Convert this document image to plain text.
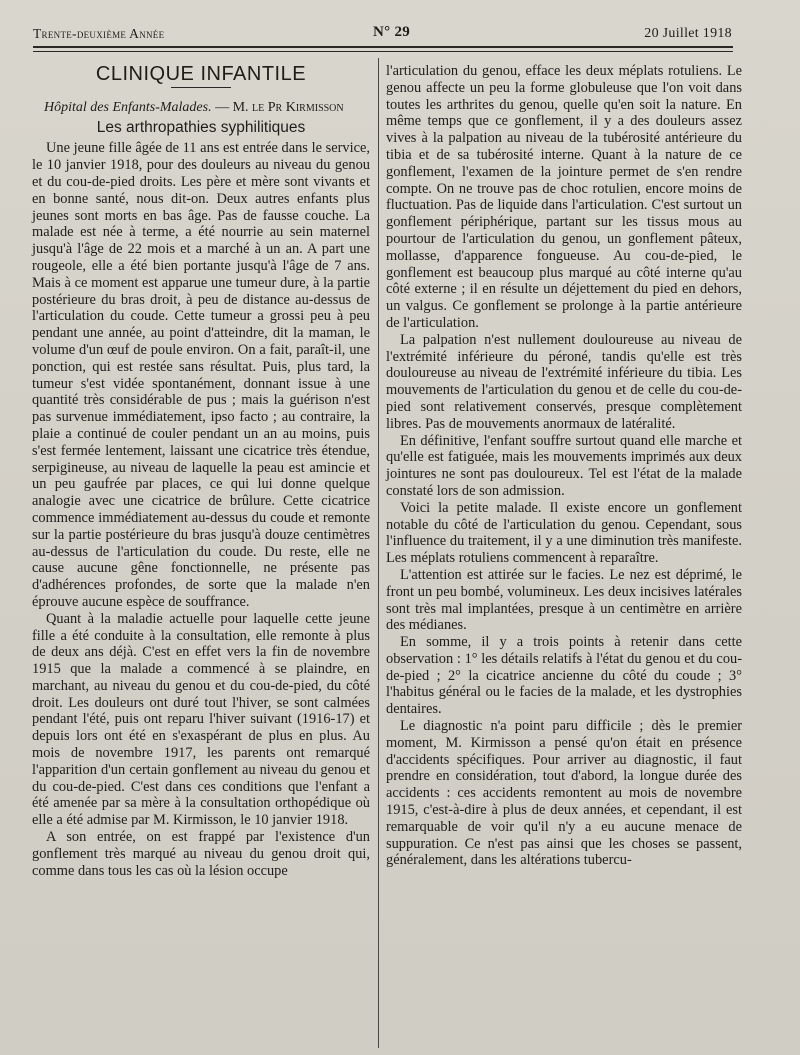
Trente-deuxième Année	N° 29	20 Juillet 1918
CLINIQUE INFANTILE
Hôpital des Enfants-Malades. — M. le Pr Kirmisson
Les arthropathies syphilitiques

Une jeune fille âgée de 11 ans est entrée dans le service, le 10 janvier 1918, pour des douleurs au niveau du genou et du cou-de-pied droits. Les père et mère sont vivants et en bonne santé, nous dit-on. Deux autres enfants plus jeunes sont morts en bas âge. Pas de fausse couche. La malade est née à terme, a été nourrie au sein maternel jusqu'à l'âge de 22 mois et a marché à un an. A part une rougeole, elle a été bien portante jusqu'à l'âge de 7 ans. Mais à ce moment est apparue une tumeur dure, à la partie postérieure du bras droit, à peu de distance au-dessus de l'articulation du coude. Cette tumeur a grossi peu à peu pendant une année, au point d'atteindre, dit la maman, le volume d'un œuf de poule environ. On a fait, paraît-il, une ponction, qui est restée sans résultat. Puis, plus tard, la tumeur s'est vidée spontanément, donnant issue à une quantité très considérable de pus ; mais la guérison n'est pas survenue immédiatement, ipso facto ; au contraire, la plaie a continué de couler pendant un an au moins, puis s'est fermée lentement, laissant une cicatrice très étendue, serpigineuse, au niveau de laquelle la peau est amincie et un peu gaufrée par places, ce qui lui donne quelque analogie avec une cicatrice de brûlure. Cette cicatrice commence immédiatement au-dessus du coude et remonte sur la partie postérieure du bras jusqu'à douze centimètres au-dessus de l'articulation du coude. Du reste, elle ne cause aucune gêne fonctionnelle, ne présente pas d'adhérences profondes, de sorte que la malade n'en éprouve aucune espèce de souffrance.

Quant à la maladie actuelle pour laquelle cette jeune fille a été conduite à la consultation, elle remonte à plus de deux ans déjà. C'est en effet vers la fin de novembre 1915 que la malade a commencé à se plaindre, en marchant, au niveau du genou et du cou-de-pied, du côté droit. Les douleurs ont duré tout l'hiver, se sont calmées pendant l'été, puis ont reparu l'hiver suivant (1916-17) et depuis lors ont été en s'exaspérant de plus en plus. Au mois de novembre 1917, les parents ont remarqué l'apparition d'un certain gonflement au niveau du genou et du cou-de-pied. C'est dans ces conditions que l'enfant a été amenée par sa mère à la consultation orthopédique où elle a été admise par M. Kirmisson, le 10 janvier 1918.

A son entrée, on est frappé par l'existence d'un gonflement très marqué au niveau du genou droit qui, comme dans tous les cas où la lésion occupe

l'articulation du genou, efface les deux méplats rotuliens. Le genou affecte un peu la forme globuleuse que l'on voit dans toutes les arthrites du genou, quelle qu'en soit la nature. En même temps que ce gonflement, il y a des douleurs assez vives à la palpation au niveau de la tubérosité antérieure du tibia et de sa tubérosité interne. Quant à la nature de ce gonflement, l'examen de la jointure permet de s'en rendre compte. On ne trouve pas de choc rotulien, encore moins de fluctuation. Pas de liquide dans l'articulation. C'est surtout un gonflement périphérique, partant sur les tissus mous au pourtour de l'articulation du genou, un gonflement pâteux, mollasse, d'apparence fongueuse. Au cou-de-pied, le gonflement est beaucoup plus marqué au côté interne qu'au côté externe ; il en résulte un déjettement du pied en dehors, un valgus. Ce gonflement se prolonge à la partie antérieure de l'articulation.

La palpation n'est nullement douloureuse au niveau de l'extrémité inférieure du péroné, tandis qu'elle est très douloureuse au niveau de l'extrémité inférieure du tibia. Les mouvements de l'articulation du genou et de celle du cou-de-pied sont relativement conservés, presque complètement libres. Pas de mouvements anormaux de latéralité.

En définitive, l'enfant souffre surtout quand elle marche et qu'elle est fatiguée, mais les mouvements imprimés aux deux jointures ne sont pas douloureux. Tel est l'état de la malade constaté lors de son admission.

Voici la petite malade. Il existe encore un gonflement notable du côté de l'articulation du genou. Cependant, sous l'influence du traitement, il y a une diminution très manifeste. Les méplats rotuliens commencent à reparaître.

L'attention est attirée sur le facies. Le nez est déprimé, le front un peu bombé, volumineux. Les deux incisives latérales sont très mal implantées, presque à un centimètre en arrière des médianes.

En somme, il y a trois points à retenir dans cette observation : 1° les détails relatifs à l'état du genou et du cou-de-pied ; 2° la cicatrice ancienne du côté du coude ; 3° l'habitus général ou le facies de la malade, et les dystrophies dentaires.

Le diagnostic n'a point paru difficile ; dès le premier moment, M. Kirmisson a pensé qu'on était en présence d'accidents spécifiques. Pour arriver au diagnostic, il faut prendre en considération, tout d'abord, la longue durée des accidents : ces accidents remontent au mois de novembre 1915, c'est-à-dire à plus de deux années, et cependant, il est remarquable de voir qu'il n'y a eu aucune menace de suppuration. Ce n'est pas ainsi que les choses se passent, généralement, dans les altérations tubercu-
